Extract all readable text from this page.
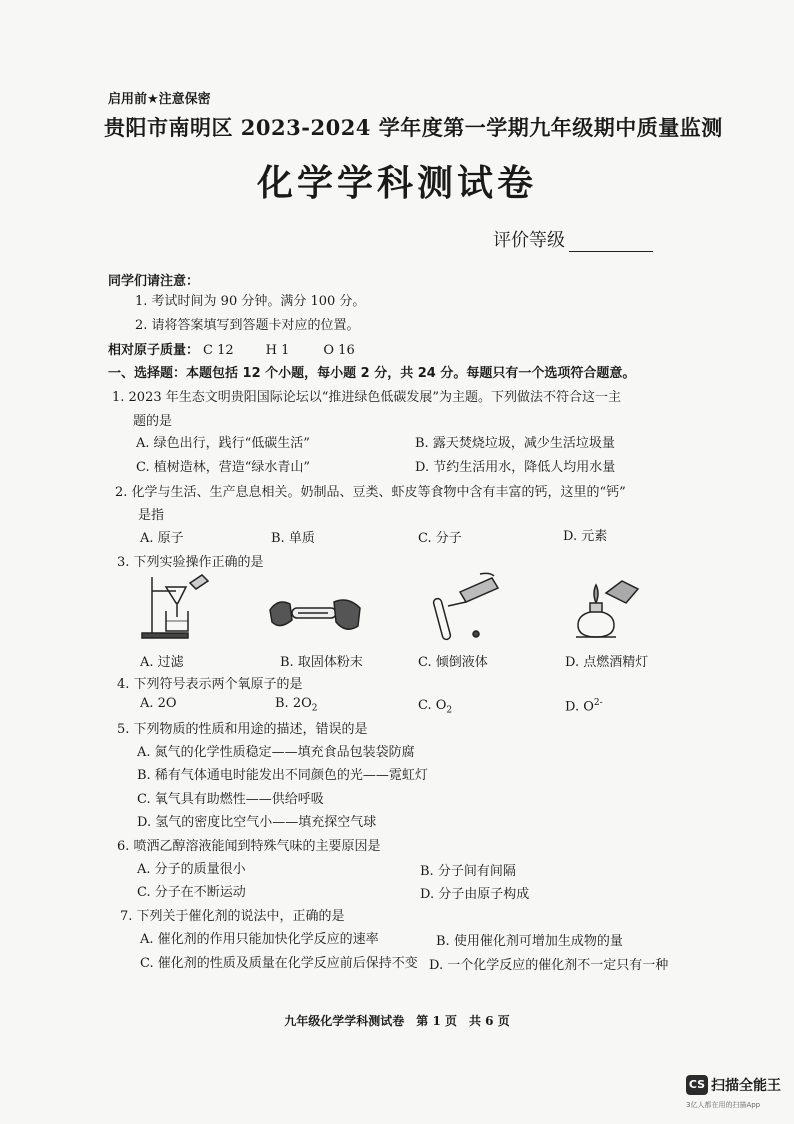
启用前★注意保密
贵阳市南明区 2023-2024 学年度第一学期九年级期中质量监测
化学学科测试卷
评价等级
同学们请注意：
1. 考试时间为 90 分钟。满分 100 分。
2. 请将答案填写到答题卡对应的位置。
相对原子质量： C 12 H 1	O 16
一、选择题：本题包括 12 个小题，每小题 2 分，共 24 分。每题只有一个选项符合题意。
1. 2023 年生态文明贵阳国际论坛以“推进绿色低碳发展”为主题。下列做法不符合这一主
题的是
A. 绿色出行，践行“低碳生活”	B. 露天焚烧垃圾，减少生活垃圾量
C. 植树造林，营造“绿水青山”	D. 节约生活用水，降低人均用水量
2. 化学与生活、生产息息相关。奶制品、豆类、虾皮等食物中含有丰富的钙，这里的“钙”
是指
A. 原子	B. 单质	C. 分子	D. 元素
3. 下列实验操作正确的是
A. 过滤	B. 取固体粉末	C. 倾倒液体	D. 点燃酒精灯
4. 下列符号表示两个氧原子的是
A. 2O	B. $2O_2$	C. $O_2$	D. $O^{2-}$
5. 下列物质的性质和用途的描述，错误的是
A. 氮气的化学性质稳定——填充食品包装袋防腐
B. 稀有气体通电时能发出不同颜色的光——霓虹灯
C. 氧气具有助燃性——供给呼吸
D. 氢气的密度比空气小——填充探空气球
6. 喷洒乙醇溶液能闻到特殊气味的主要原因是
A. 分子的质量很小	B. 分子间有间隔
C. 分子在不断运动	D. 分子由原子构成
7. 下列关于催化剂的说法中，正确的是
A. 催化剂的作用只能加快化学反应的速率	B. 使用催化剂可增加生成物的量
C. 催化剂的性质及质量在化学反应前后保持不变 D. 一个化学反应的催化剂不一定只有一种
九年级化学学科测试卷　第 1 页　共 6 页
CS 扫描全能王
3亿人都在用的扫描App
